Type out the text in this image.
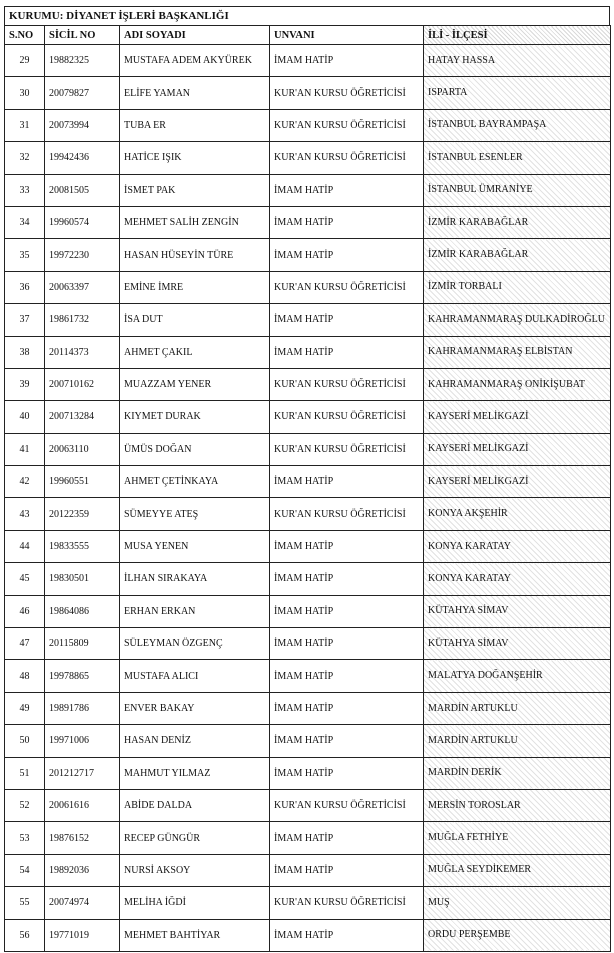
KURUMU: DİYANET İŞLERİ BAŞKANLIĞI
S.NO	SİCİL NO	ADI SOYADI	UNVANI	İLİ - İLÇESİ
29	19882325	MUSTAFA ADEM AKYÜREK	İMAM HATİP	HATAY HASSA
30	20079827	ELİFE YAMAN	KUR'AN KURSU ÖĞRETİCİSİ	ISPARTA
31	20073994	TUBA ER	KUR'AN KURSU ÖĞRETİCİSİ	İSTANBUL BAYRAMPAŞA
32	19942436	HATİCE IŞIK	KUR'AN KURSU ÖĞRETİCİSİ	İSTANBUL ESENLER
33	20081505	İSMET PAK	İMAM HATİP	İSTANBUL ÜMRANİYE
34	19960574	MEHMET SALİH ZENGİN	İMAM HATİP	İZMİR KARABAĞLAR
35	19972230	HASAN HÜSEYİN TÜRE	İMAM HATİP	İZMİR KARABAĞLAR
36	20063397	EMİNE İMRE	KUR'AN KURSU ÖĞRETİCİSİ	İZMİR TORBALI
37	19861732	İSA DUT	İMAM HATİP	KAHRAMANMARAŞ DULKADİROĞLU
38	20114373	AHMET ÇAKIL	İMAM HATİP	KAHRAMANMARAŞ ELBİSTAN
39	200710162	MUAZZAM YENER	KUR'AN KURSU ÖĞRETİCİSİ	KAHRAMANMARAŞ ONİKİŞUBAT
40	200713284	KIYMET DURAK	KUR'AN KURSU ÖĞRETİCİSİ	KAYSERİ MELİKGAZİ
41	20063110	ÜMÜS DOĞAN	KUR'AN KURSU ÖĞRETİCİSİ	KAYSERİ MELİKGAZİ
42	19960551	AHMET ÇETİNKAYA	İMAM HATİP	KAYSERİ MELİKGAZİ
43	20122359	SÜMEYYE ATEŞ	KUR'AN KURSU ÖĞRETİCİSİ	KONYA AKŞEHİR
44	19833555	MUSA YENEN	İMAM HATİP	KONYA KARATAY
45	19830501	İLHAN SIRAKAYA	İMAM HATİP	KONYA KARATAY
46	19864086	ERHAN ERKAN	İMAM HATİP	KÜTAHYA SİMAV
47	20115809	SÜLEYMAN ÖZGENÇ	İMAM HATİP	KÜTAHYA SİMAV
48	19978865	MUSTAFA ALICI	İMAM HATİP	MALATYA DOĞANŞEHİR
49	19891786	ENVER BAKAY	İMAM HATİP	MARDİN ARTUKLU
50	19971006	HASAN DENİZ	İMAM HATİP	MARDİN ARTUKLU
51	201212717	MAHMUT YILMAZ	İMAM HATİP	MARDİN DERİK
52	20061616	ABİDE DALDA	KUR'AN KURSU ÖĞRETİCİSİ	MERSİN TOROSLAR
53	19876152	RECEP GÜNGÜR	İMAM HATİP	MUĞLA FETHİYE
54	19892036	NURSİ AKSOY	İMAM HATİP	MUĞLA SEYDİKEMER
55	20074974	MELİHA İĞDİ	KUR'AN KURSU ÖĞRETİCİSİ	MUŞ
56	19771019	MEHMET BAHTİYAR	İMAM HATİP	ORDU PERŞEMBE
